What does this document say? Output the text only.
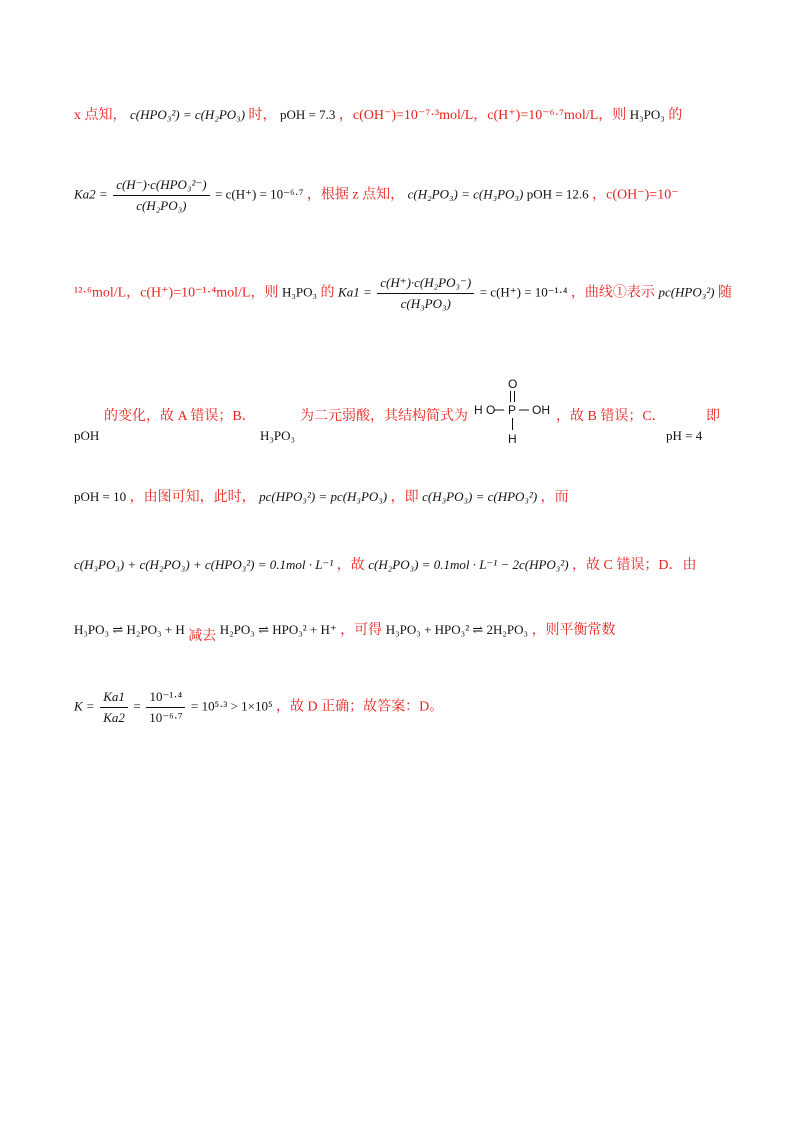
x 点知， c(HPO₃²) = c(H₂PO₃) 时， pOH = 7.3 ，c(OH⁻)=10⁻⁷·³mol/L，c(H⁺)=10⁻⁶·⁷mol/L，则 H₃PO₃ 的
$Ka2 = \frac{\text{c(H⁻)·c(HPO₃²⁻)}}{\text{c(H₂PO₃)}} = c(H^+) = 10^{-6}\cdot^7$ ，根据 z 点知， c(H₂PO₃) = c(H₃PO₃) pOH = 12.6 ，c(OH⁻)=10⁻
¹²·⁶mol/L，c(H⁺)=10⁻¹·⁴mol/L，则 H₃PO₃ 的 $Ka1 = \frac{\text{c(H⁺)·c(H₂PO₃⁻)}}{\text{c(H₃PO₃)}} = c(H^+) = 10^{-1}\cdot^4$ ，曲线①表示 pc(HPO₃²) 随
的变化，故 A 错误；B．
pOH
为二元弱酸，其结构简式为
H₃PO₃
O
H O P OH
H
，故 B 错误；C．	即
pH = 4
pOH = 10 ，由图可知，此时， pc(HPO₃²) = pc(H₃PO₃) ，即 c(H₃PO₃) = c(HPO₃²) ，而
c(H₃PO₃) + c(H₂PO₃) + c(HPO₃²) = 0.1mol · L⁻¹ ，故 c(H₂PO₃) = 0.1mol · L⁻¹ − 2c(HPO₃²) ，故 C 错误；D．由
H₃PO₃ ⇌ H₂PO₃ + H 减去 H₂PO₃ ⇌ HPO₃² + H⁺ ，可得 H₃PO₃ + HPO₃² ⇌ 2H₂PO₃ ，则平衡常数
$K = \frac{Ka1}{Ka2} = \frac{\text{10⁻¹·⁴}}{\text{10⁻⁶·⁷}} = 10^5\cdot^3 > 1\times 10^5$ ，故 D 正确；故答案：D。
